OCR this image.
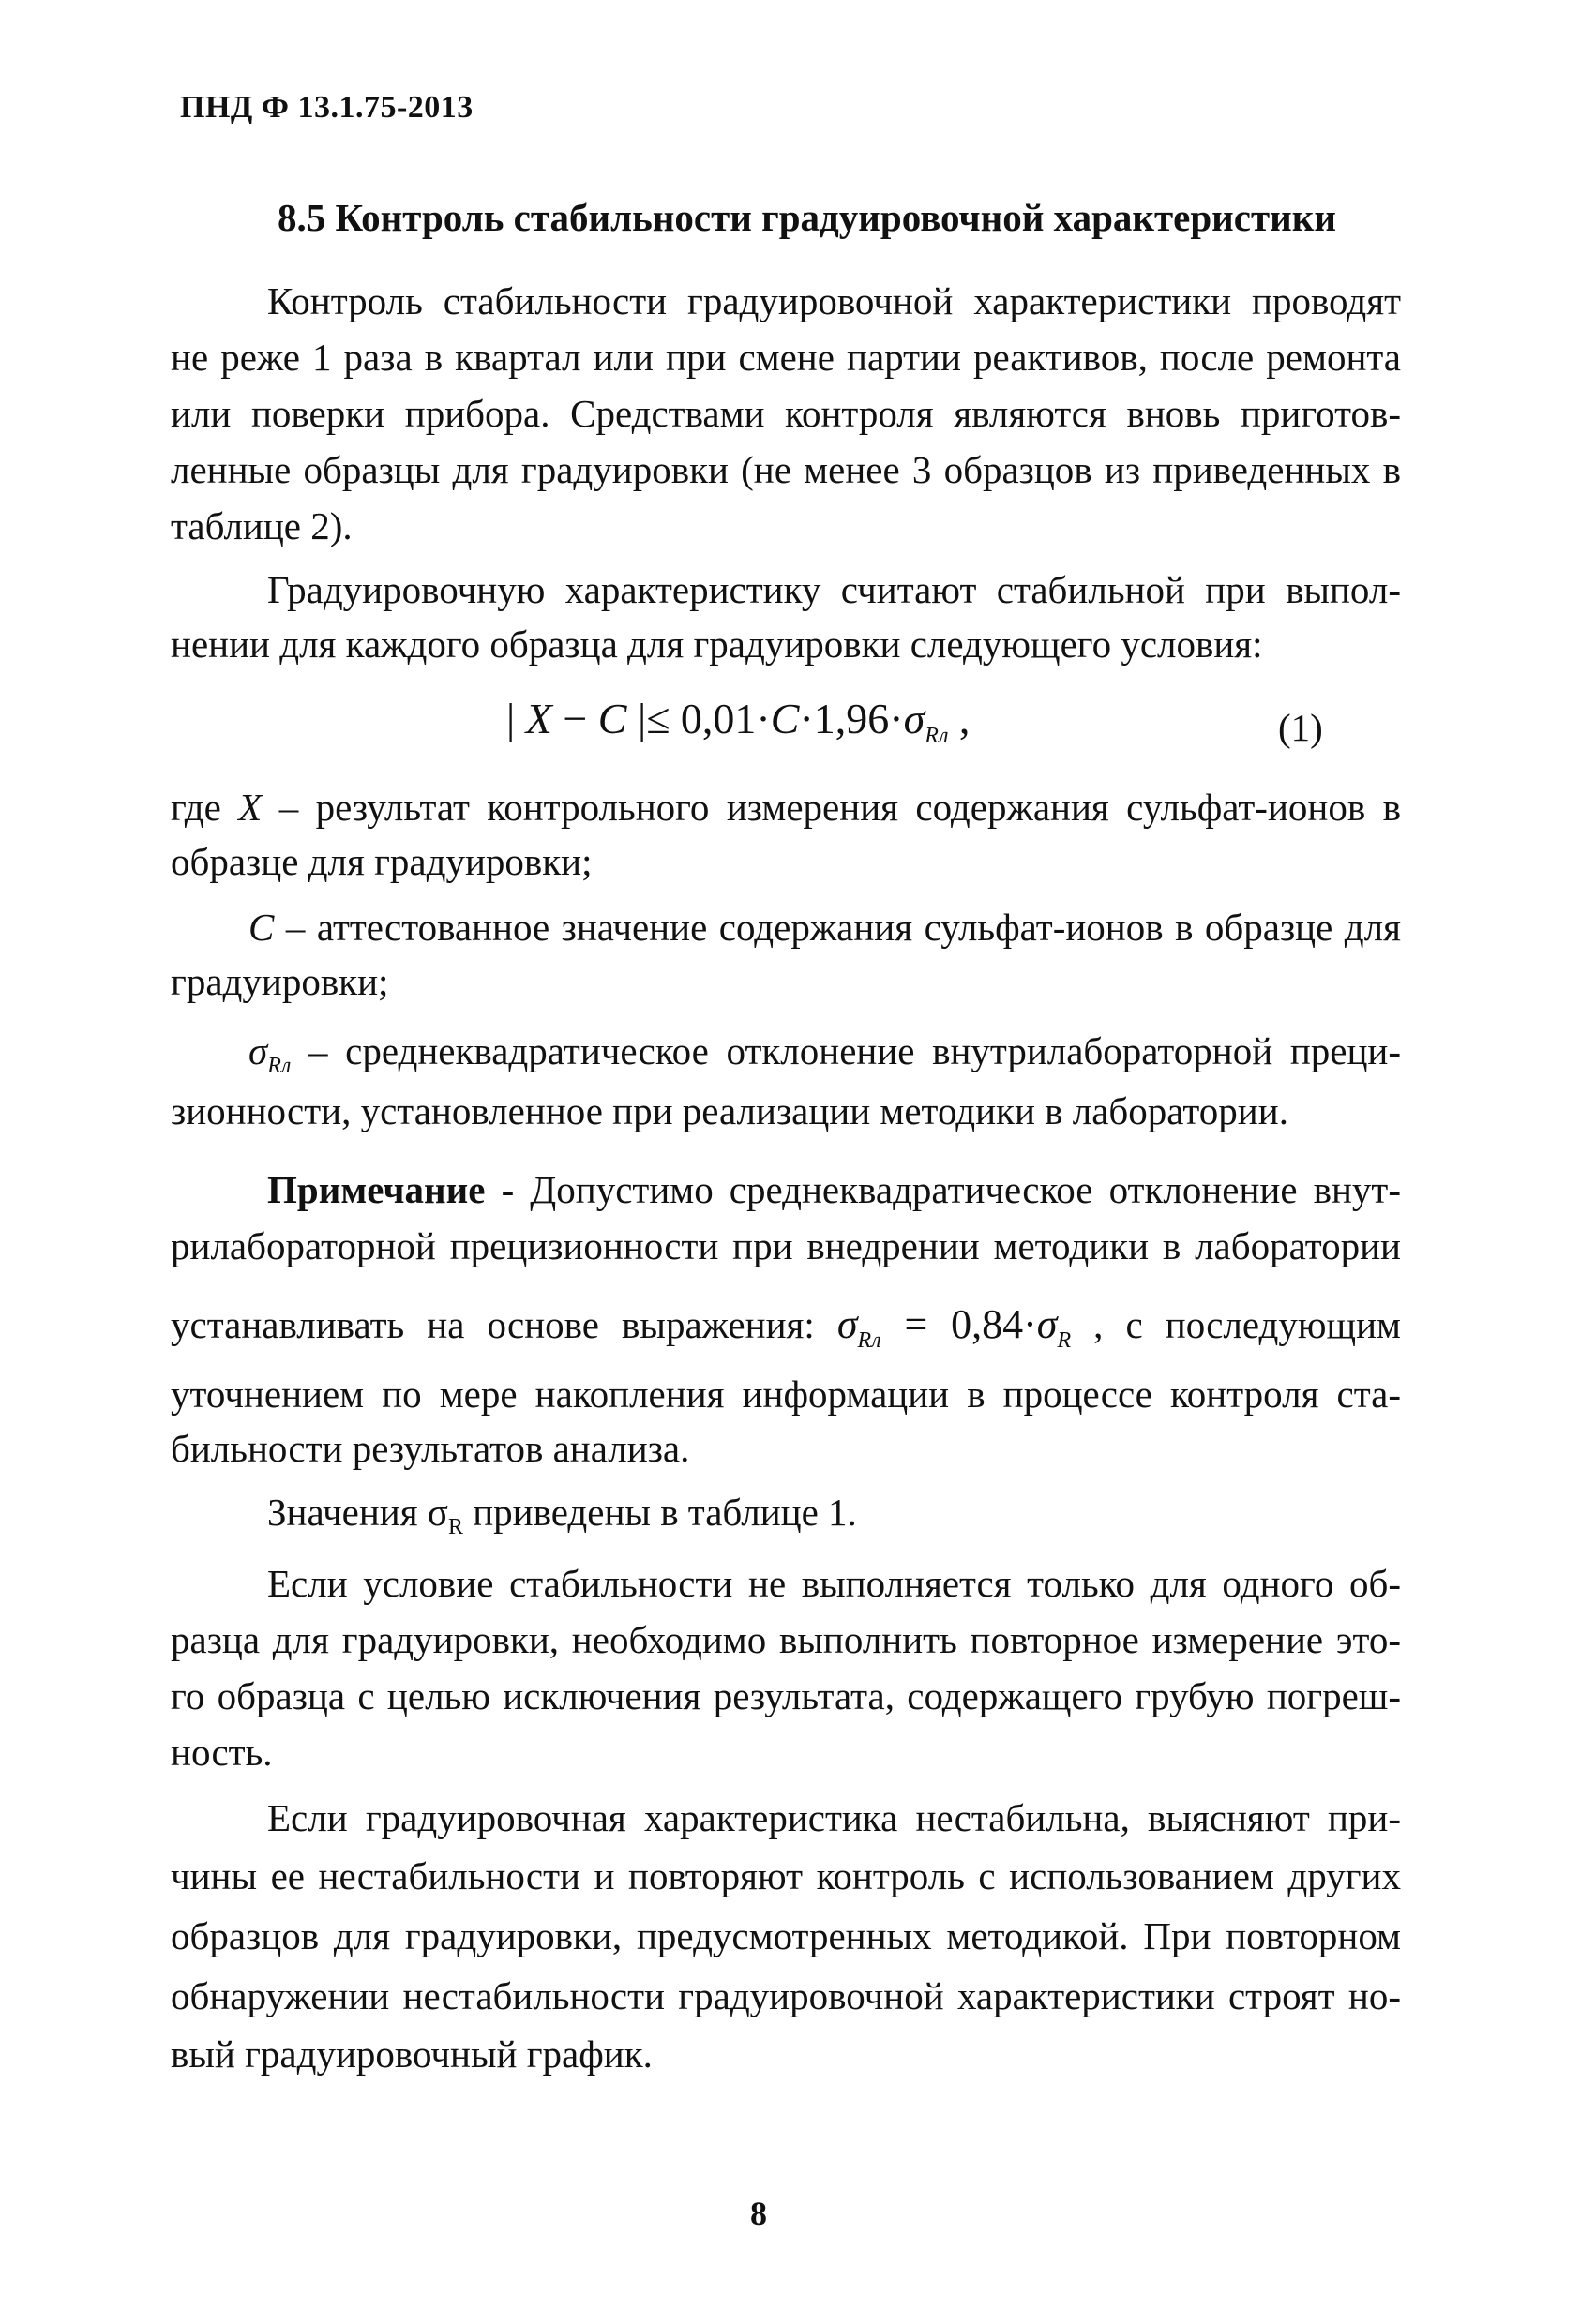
ПНД Ф 13.1.75-2013
8.5 Контроль стабильности градуировочной характеристики
Контроль стабильности градуировочной характеристики проводят
не реже 1 раза в квартал или при смене партии реактивов, после ремонта
или поверки прибора. Средствами контроля являются вновь приготов-
ленные образцы для градуировки (не менее 3 образцов из приведенных в
таблице 2).
Градуировочную характеристику считают стабильной при выпол-
нении для каждого образца для градуировки следующего условия:
| X − C |≤ $0,01\cdot C\cdot 1,96\cdot\sigma_{Rл}$ ,	(1)
где X – результат контрольного измерения содержания сульфат-ионов в
образце для градуировки;
C – аттестованное значение содержания сульфат-ионов в образце для
градуировки;
$\sigma_{Rл}$ – среднеквадратическое отклонение внутрилабораторной преци-
зионности, установленное при реализации методики в лаборатории.
Примечание - Допустимо среднеквадратическое отклонение внут-
рилабораторной прецизионности при внедрении методики в лаборатории
устанавливать на основе выражения: $\sigma_{Rл} = 0,84\cdot\sigma_R$ , с последующим
уточнением по мере накопления информации в процессе контроля ста-
бильности результатов анализа.
Значения $\sigma_R$ приведены в таблице 1.
Если условие стабильности не выполняется только для одного об-
разца для градуировки, необходимо выполнить повторное измерение это-
го образца с целью исключения результата, содержащего грубую погреш-
ность.
Если градуировочная характеристика нестабильна, выясняют при-
чины ее нестабильности и повторяют контроль с использованием других
образцов для градуировки, предусмотренных методикой. При повторном
обнаружении нестабильности градуировочной характеристики строят но-
вый градуировочный график.
8
